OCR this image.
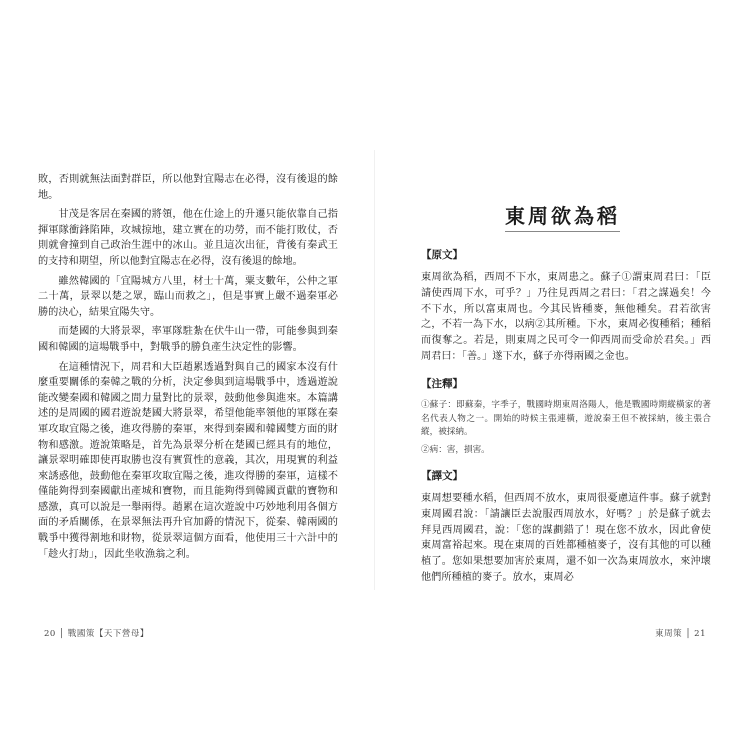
敗，否則就無法面對群臣，所以他對宜陽志在必得，沒有後退的餘地。

甘茂是客居在秦國的將領，他在仕途上的升遷只能依靠自己指揮軍隊衝鋒陷陣，攻城掠地，建立實在的功勞，而不能打敗仗，否則就會撞到自己政治生涯中的冰山。並且這次出征，背後有秦武王的支持和期望，所以他對宜陽志在必得，沒有後退的餘地。

雖然韓國的「宜陽城方八里，材士十萬，粟支數年，公仲之軍二十萬，景翠以楚之眾，臨山而救之」，但是事實上嚴不過秦軍必勝的決心，結果宜陽失守。

而楚國的大將景翠，率軍隊駐紮在伏牛山一帶，可能參與到秦國和韓國的這場戰爭中，對戰爭的勝負產生決定性的影響。

在這種情況下，周君和大臣趙累透過對與自己的國家本沒有什麼重要關係的秦韓之戰的分析，決定參與到這場戰爭中，透過遊說能改變秦國和韓國之間力量對比的景翠，鼓動他參與進來。本篇講述的是周國的國君遊說楚國大將景翠，希望他能率領他的軍隊在秦軍攻取宜陽之後，進攻得勝的秦軍，來得到秦國和韓國雙方面的財物和感激。遊說策略是，首先為景翠分析在楚國已經具有的地位，讓景翠明確即使再取勝也沒有實質性的意義，其次，用現實的利益來誘惑他，鼓動他在秦軍攻取宜陽之後，進攻得勝的秦軍，這樣不僅能夠得到秦國獻出產城和寶物，而且能夠得到韓國貢獻的寶物和感激，真可以說是一舉兩得。趙累在這次遊說中巧妙地利用各個方面的矛盾關係，在景翠無法再升官加爵的情況下，從秦、韓兩國的戰爭中獲得割地和財物，從景翠這個方面看，他使用三十六計中的「趁火打劫」，因此坐收漁翁之利。

20 │ 戰國策【天下營母】
東周欲為稻
【原文】

東周欲為稻，西周不下水，東周患之。蘇子①謂東周君曰：「臣請使西周下水，可乎？」乃往見西周之君曰：「君之謀過矣！今不下水，所以富東周也。今其民皆種麥，無他種矣。君若欲害之，不若一為下水，以病②其所種。下水，東周必復種稻；種稻而復奪之。若是，則東周之民可令一仰西周而受命於君矣。」西周君曰：「善。」遂下水，蘇子亦得兩國之金也。

【注釋】

①蘇子：即蘇秦，字季子，戰國時期東周洛陽人，他是戰國時期縱橫家的著名代表人物之一。開始的時候主張連橫，遊說秦王但不被採納，後主張合縱，被採納。

②病：害，損害。

【譯文】

東周想要種水稻，但西周不放水，東周很憂慮這件事。蘇子就對東周國君說：「請讓臣去說服西周放水，好嗎？」於是蘇子就去拜見西周國君，說：「您的謀劃錯了！現在您不放水，因此會使東周富裕起來。現在東周的百姓都種植麥子，沒有其他的可以種植了。您如果想要加害於東周，還不如一次為東周放水，來沖壞他們所種植的麥子。放水，東周必

東周策 │ 21
